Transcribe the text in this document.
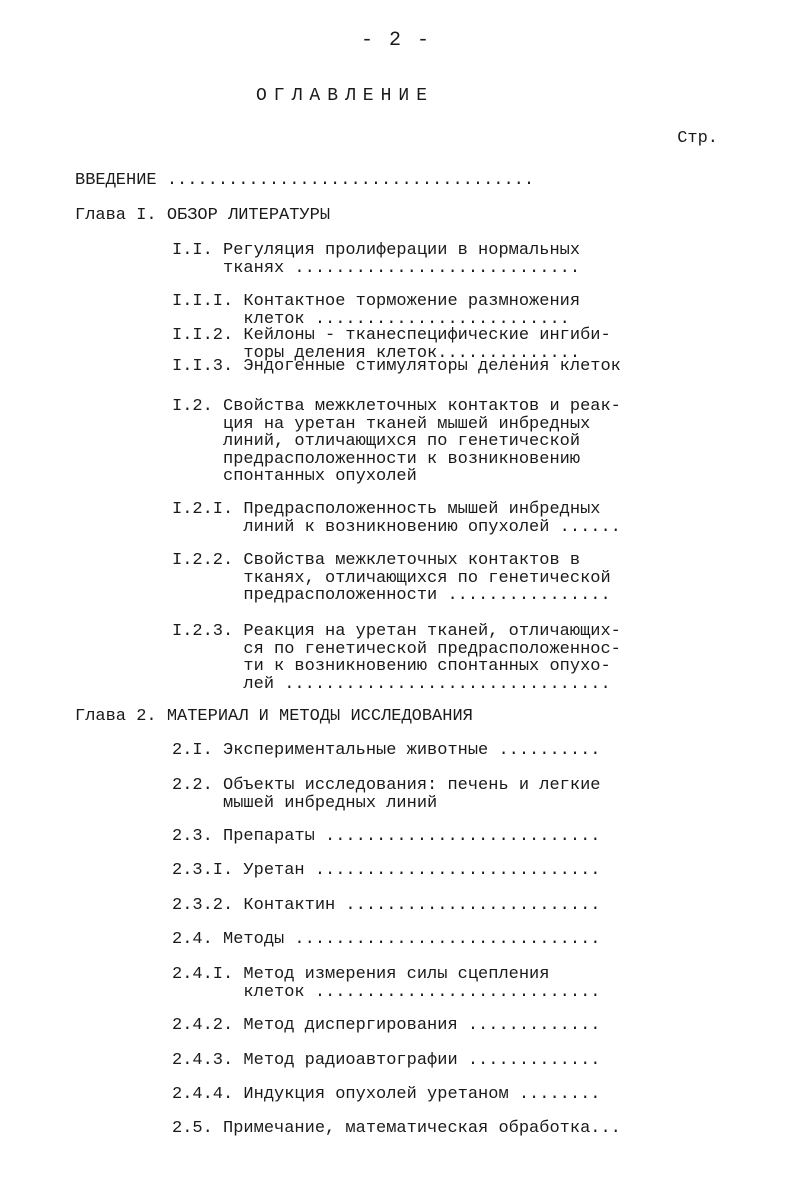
- 2 -
ОГЛАВЛЕНИЕ
Стр.
ВВЕДЕНИЕ ....................................
Глава I. ОБЗОР ЛИТЕРАТУРЫ
I.I. Регуляция пролиферации в нормальных
тканях ............................
I.I.I. Контактное торможение размножения
клеток .........................
I.I.2. Кейлоны - тканеспецифические ингиби-
торы деления клеток..............
I.I.3. Эндогенные стимуляторы деления клеток
I.2. Свойства межклеточных контактов и реак-
ция на уретан тканей мышей инбредных
линий, отличающихся по генетической
предрасположенности к возникновению
спонтанных опухолей
I.2.I. Предрасположенность мышей инбредных
линий к возникновению опухолей ......
I.2.2. Свойства межклеточных контактов в
тканях, отличающихся по генетической
предрасположенности ................
I.2.3. Реакция на уретан тканей, отличающих-
ся по генетической предрасположеннос-
ти к возникновению спонтанных опухо-
лей ................................
Глава 2. МАТЕРИАЛ И МЕТОДЫ ИССЛЕДОВАНИЯ
2.I. Экспериментальные животные ..........
2.2. Объекты исследования: печень и легкие
мышей инбредных линий
2.3. Препараты ...........................
2.3.I. Уретан ............................
2.3.2. Контактин .........................
2.4. Методы ..............................
2.4.I. Метод измерения силы сцепления
клеток ............................
2.4.2. Метод диспергирования .............
2.4.3. Метод радиоавтографии .............
2.4.4. Индукция опухолей уретаном ........
2.5. Примечание, математическая обработка...
